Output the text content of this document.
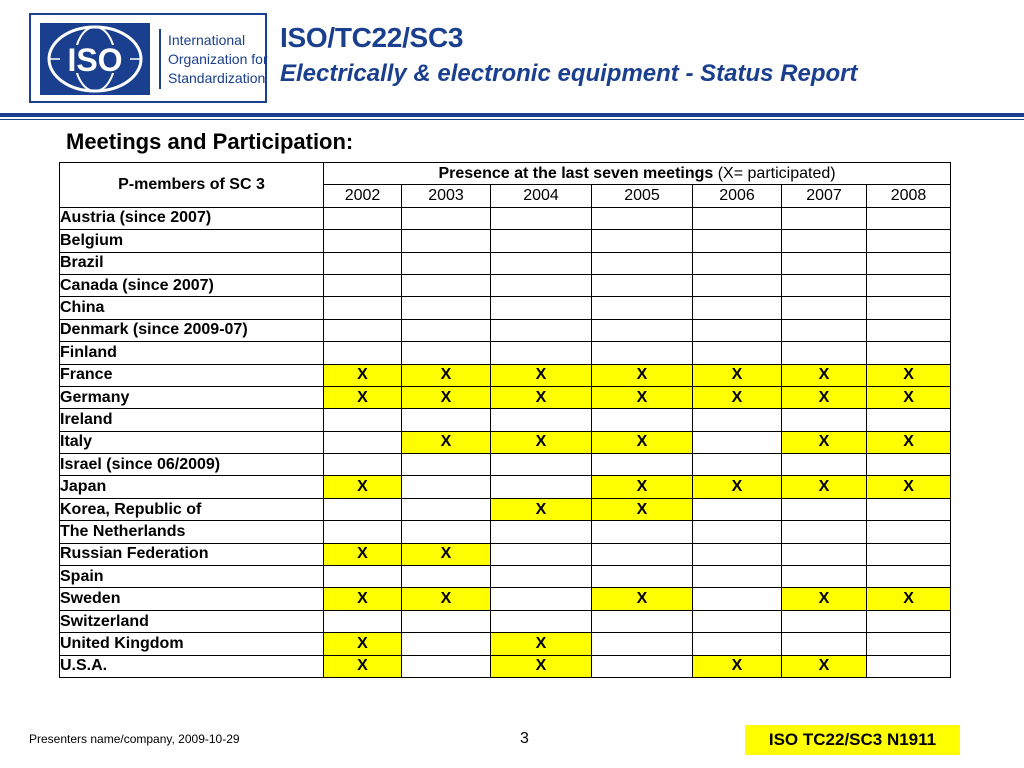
ISO
International
Organization for
Standardization
ISO/TC22/SC3
Electrically & electronic equipment - Status Report
Meetings and Participation:
P-members of SC 3	Presence at the last seven meetings (X= participated)						
	2002	2003	2004	2005	2006	2007	2008
Austria (since 2007)							
Belgium							
Brazil							
Canada (since 2007)							
China							
Denmark (since 2009-07)							
Finland							
France	X	X	X	X	X	X	X
Germany	X	X	X	X	X	X	X
Ireland							
Italy		X	X	X		X	X
Israel (since 06/2009)							
Japan	X			X	X	X	X
Korea, Republic of			X	X			
The Netherlands							
Russian Federation	X	X					
Spain							
Sweden	X	X		X		X	X
Switzerland							
United Kingdom	X		X				
U.S.A.	X		X		X	X	
Presenters name/company, 2009-10-29	3	ISO TC22/SC3 N1911
